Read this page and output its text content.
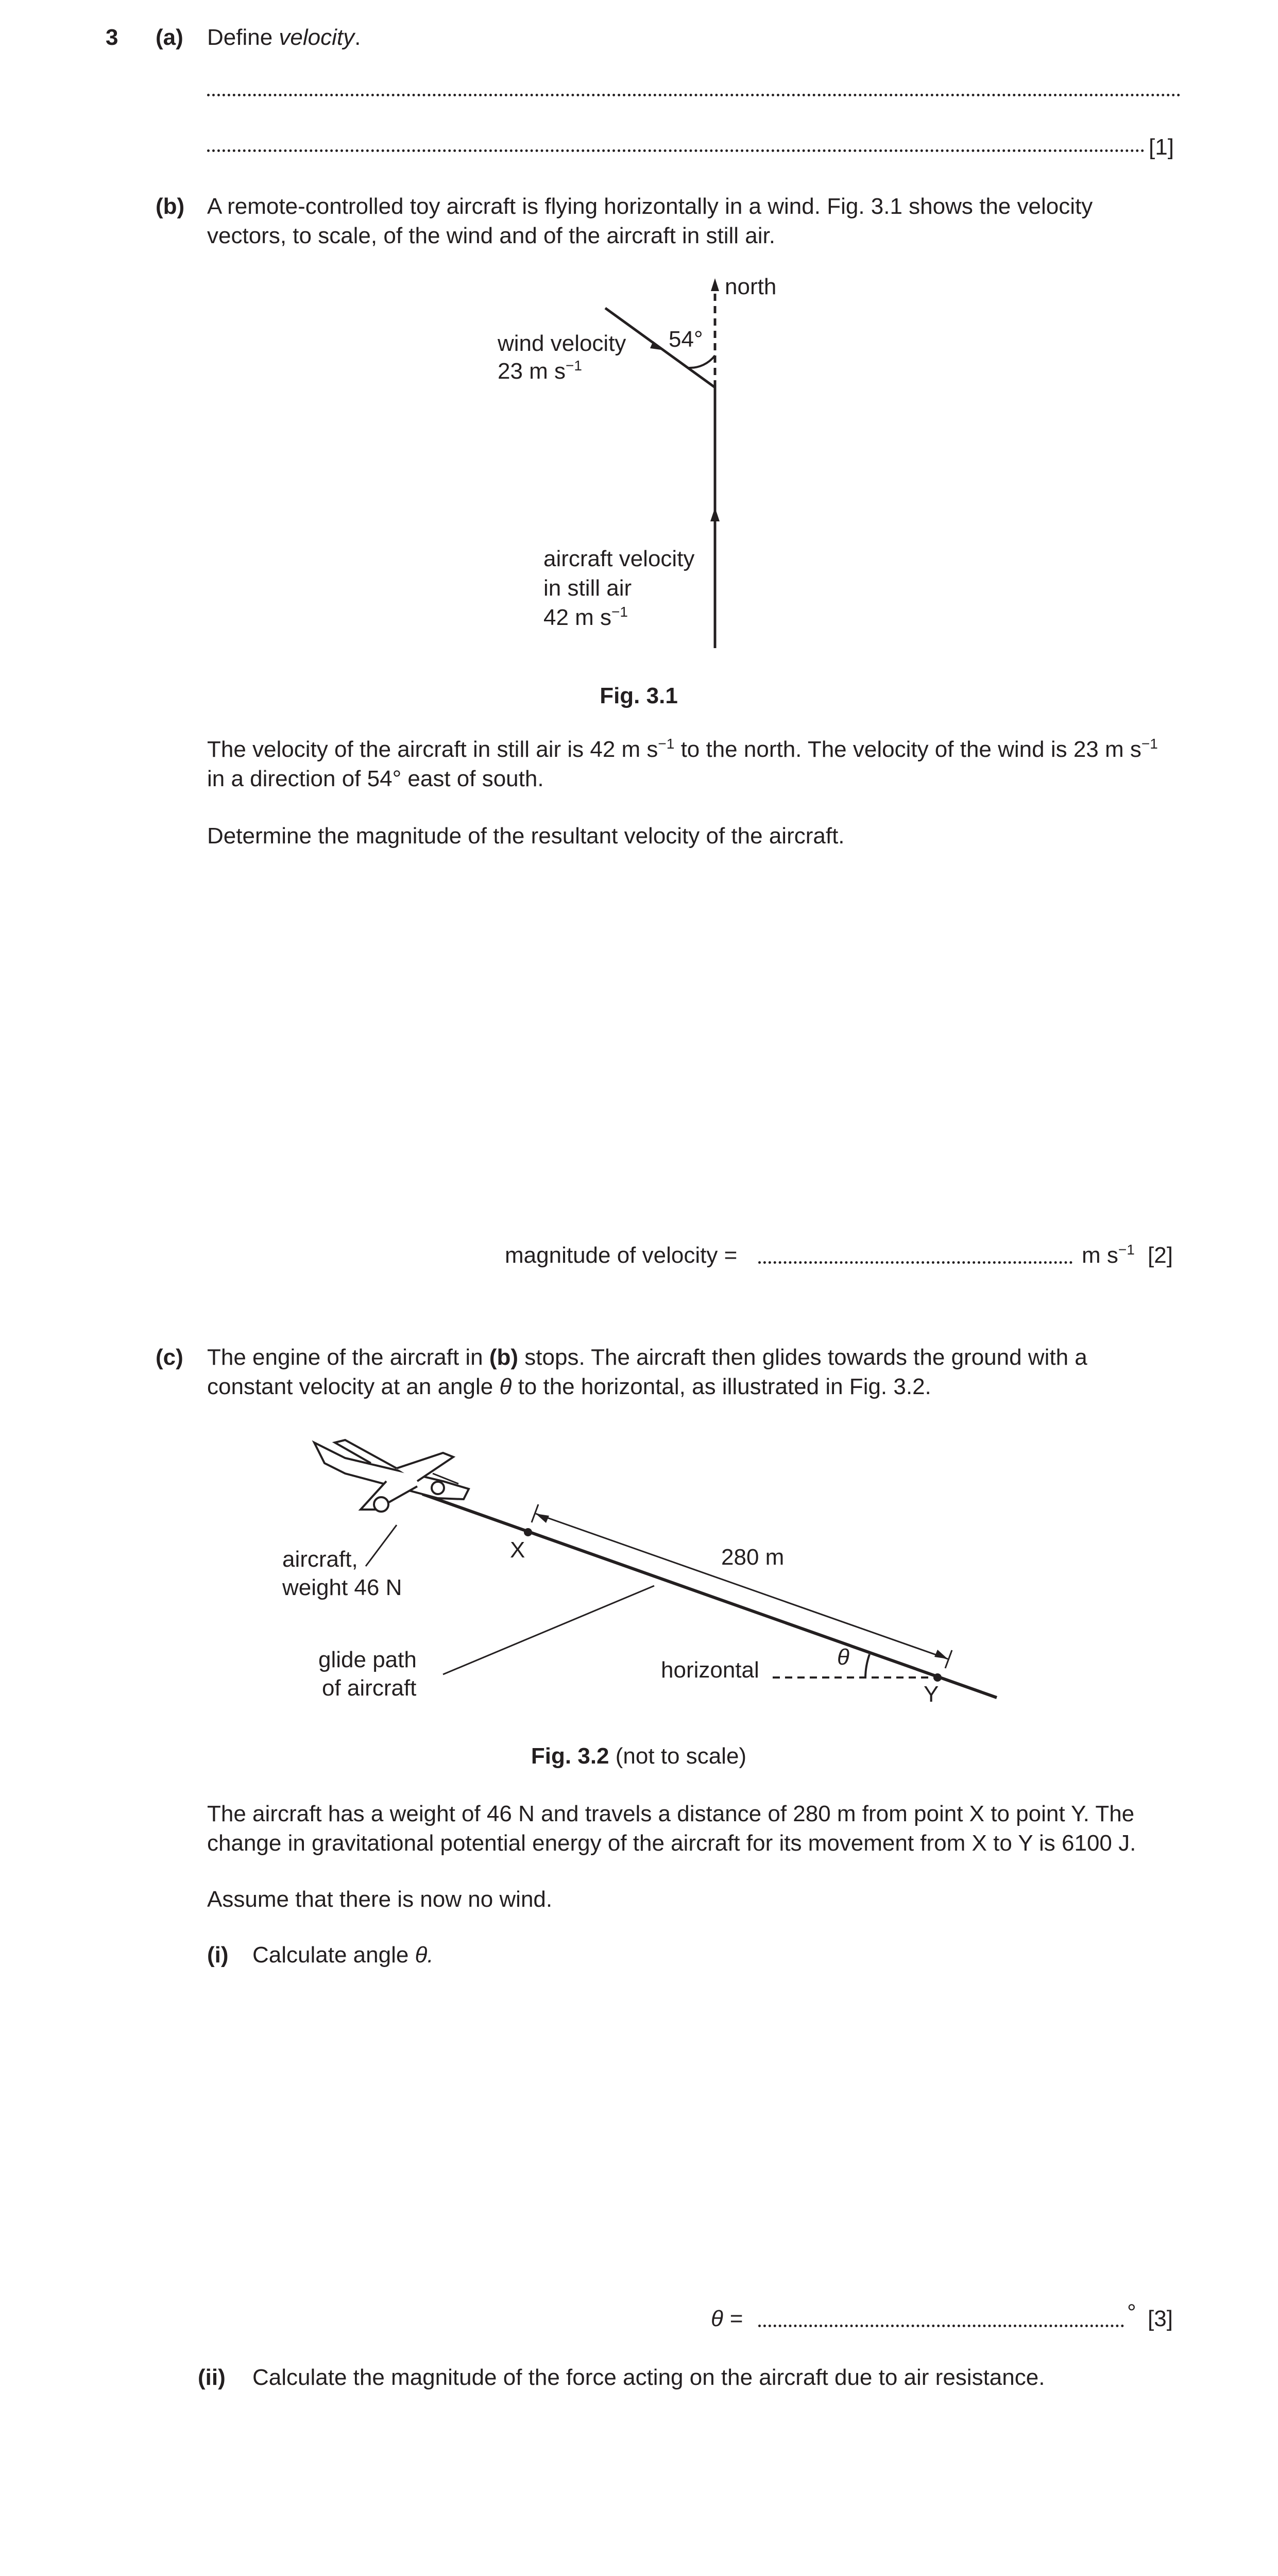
3 (a) Define velocity.
[1]
(b) A remote-controlled toy aircraft is flying horizontally in a wind. Fig. 3.1 shows the velocity
vectors, to scale, of the wind and of the aircraft in still air.
north
54°
wind velocity
23 m $s^{-1}$
aircraft velocity
in still air
42 m $s^{-1}$
Fig. 3.1
The velocity of the aircraft in still air is 42 m $s^{-1}$ to the north. The velocity of the wind is 23 m $s^{-1}$
in a direction of 54° east of south.
Determine the magnitude of the resultant velocity of the aircraft.
magnitude of velocity =	m $s^{-1}$ [2]
(c) The engine of the aircraft in (b) stops. The aircraft then glides towards the ground with a
constant velocity at an angle θ to the horizontal, as illustrated in Fig. 3.2.
aircraft,
weight 46 N
X	280 m
glide path
of aircraft
horizontal
θ
Y
Fig. 3.2 (not to scale)
The aircraft has a weight of 46 N and travels a distance of 280 m from point X to point Y. The
change in gravitational potential energy of the aircraft for its movement from X to Y is 6100 J.
Assume that there is now no wind.
(i) Calculate angle θ.
θ =	° [3]
(ii) Calculate the magnitude of the force acting on the aircraft due to air resistance.
